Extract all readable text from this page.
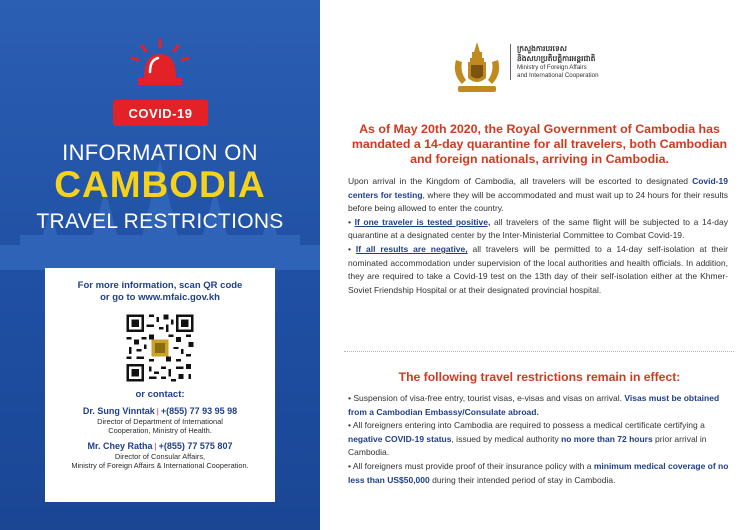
COVID-19
INFORMATION ON
CAMBODIA
TRAVEL RESTRICTIONS
For more information, scan QR code
or go to www.mfaic.gov.kh
or contact:
Dr. Sung Vinntak | +(855) 77 93 95 98
Director of Department of International
Cooperation, Ministry of Health.
Mr. Chey Ratha | +(855) 77 575 807
Director of Consular Affairs,
Ministry of Foreign Affairs & International Cooperation.
ក្រសួងការបរទេស
និងសហប្រតិបត្តិការអន្តរជាតិ
Ministry of Foreign Affairs
and International Cooperation
As of May 20th 2020, the Royal Government of Cambodia has mandated a 14-day quarantine for all travelers, both Cambodian and foreign nationals, arriving in Cambodia.

Upon arrival in the Kingdom of Cambodia, all travelers will be escorted to designated Covid-19 centers for testing, where they will be accommodated and must wait up to 24 hours for their results before being allowed to enter the country.

• If one traveler is tested positive, all travelers of the same flight will be subjected to a 14-day quarantine at a designated center by the Inter-Ministerial Committee to Combat Covid-19.

• If all results are negative, all travelers will be permitted to a 14-day self-isolation at their nominated accommodation under supervision of the local authorities and health officials. In addition, they are required to take a Covid-19 test on the 13th day of their self-isolation either at the Khmer-Soviet Friendship Hospital or at their designated provincial hospital.

The following travel restrictions remain in effect:

• Suspension of visa-free entry, tourist visas, e-visas and visas on arrival. Visas must be obtained from a Cambodian Embassy/Consulate abroad.

• All foreigners entering into Cambodia are required to possess a medical certificate certifying a negative COVID-19 status, issued by medical authority no more than 72 hours prior arrival in Cambodia.

• All foreigners must provide proof of their insurance policy with a minimum medical coverage of no less than US$50,000 during their intended period of stay in Cambodia.
